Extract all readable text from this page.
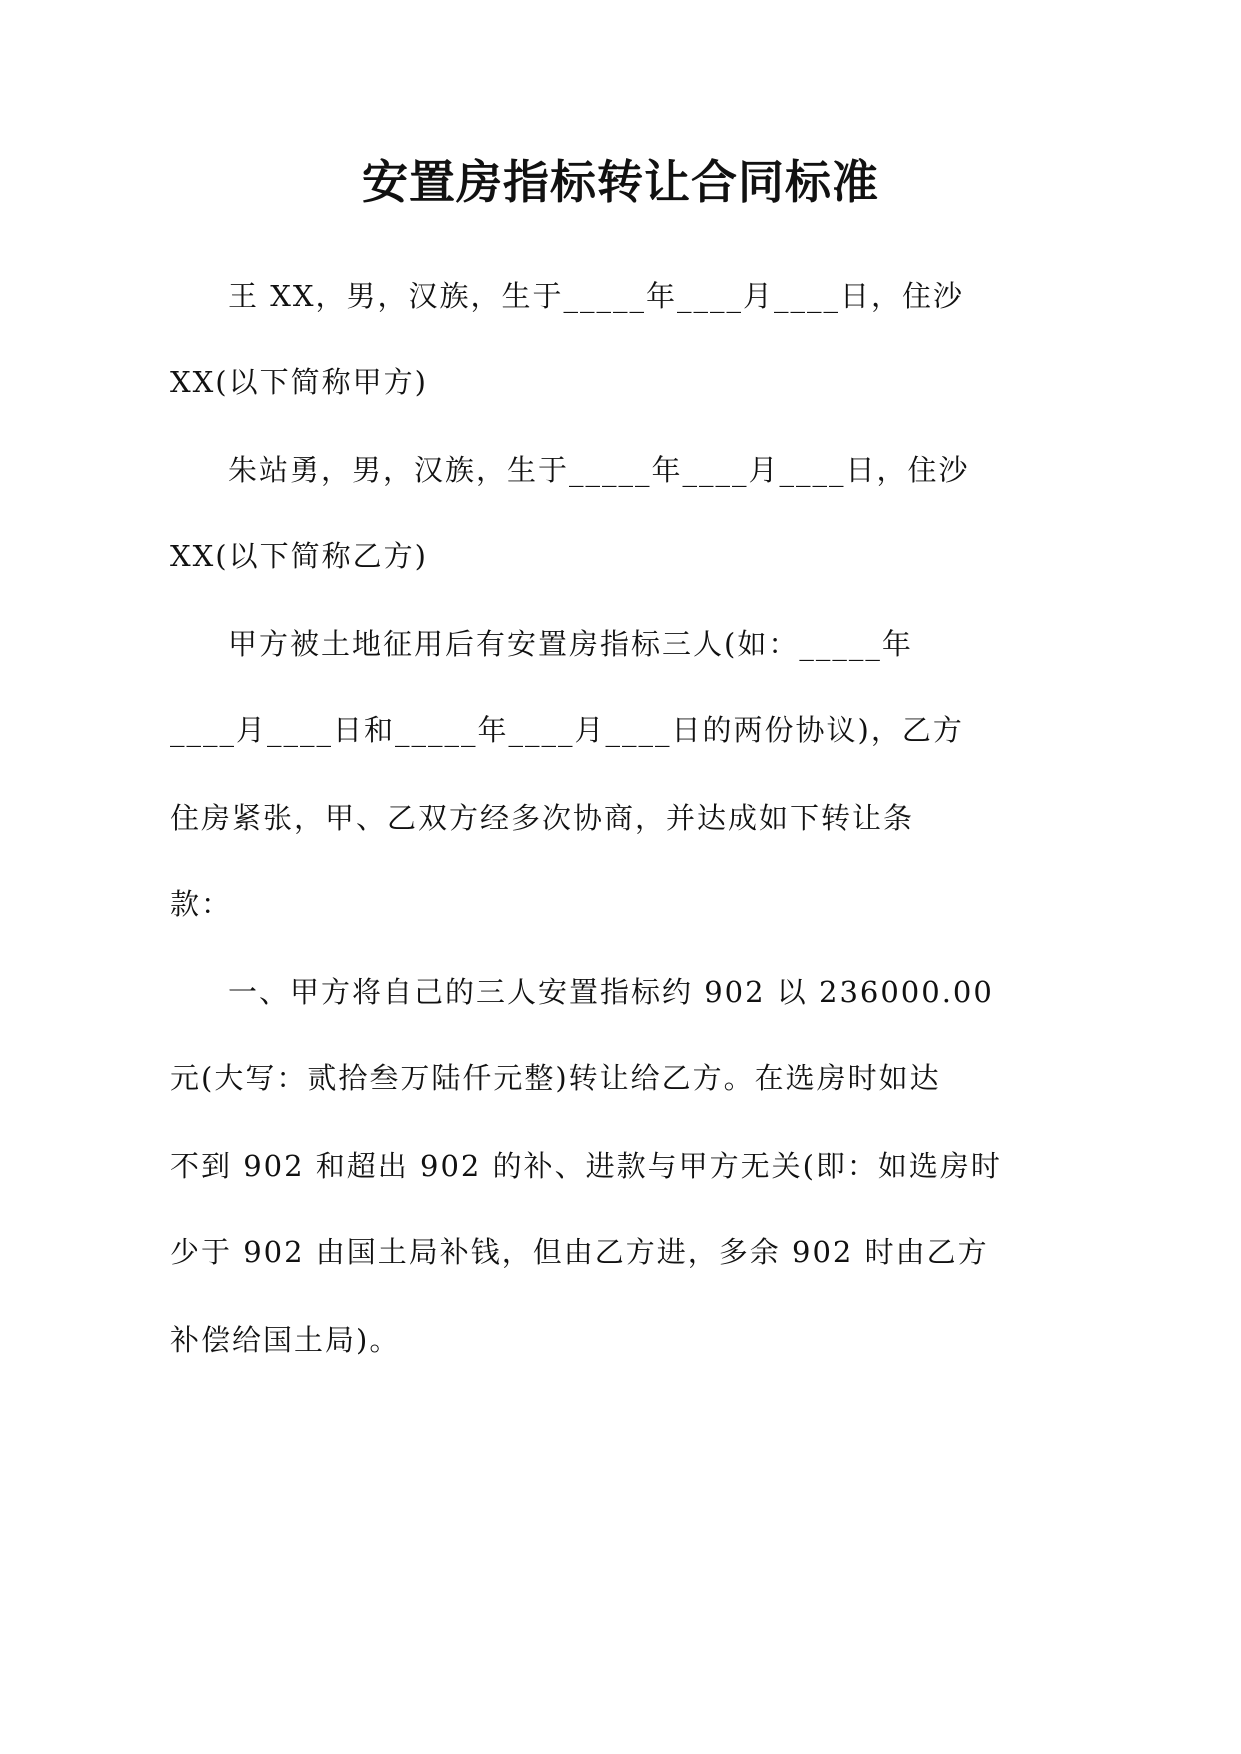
安置房指标转让合同标准
王 XX，男，汉族，生于_____年____月____日，住沙
XX(以下简称甲方)
朱站勇，男，汉族，生于_____年____月____日，住沙
XX(以下简称乙方)
甲方被土地征用后有安置房指标三人(如：_____年
____月____日和_____年____月____日的两份协议)，乙方
住房紧张，甲、乙双方经多次协商，并达成如下转让条
款：
一、甲方将自己的三人安置指标约 902 以 236000.00
元(大写：贰拾叁万陆仟元整)转让给乙方。在选房时如达
不到 902 和超出 902 的补、进款与甲方无关(即：如选房时
少于 902 由国土局补钱，但由乙方进，多余 902 时由乙方
补偿给国土局)。
